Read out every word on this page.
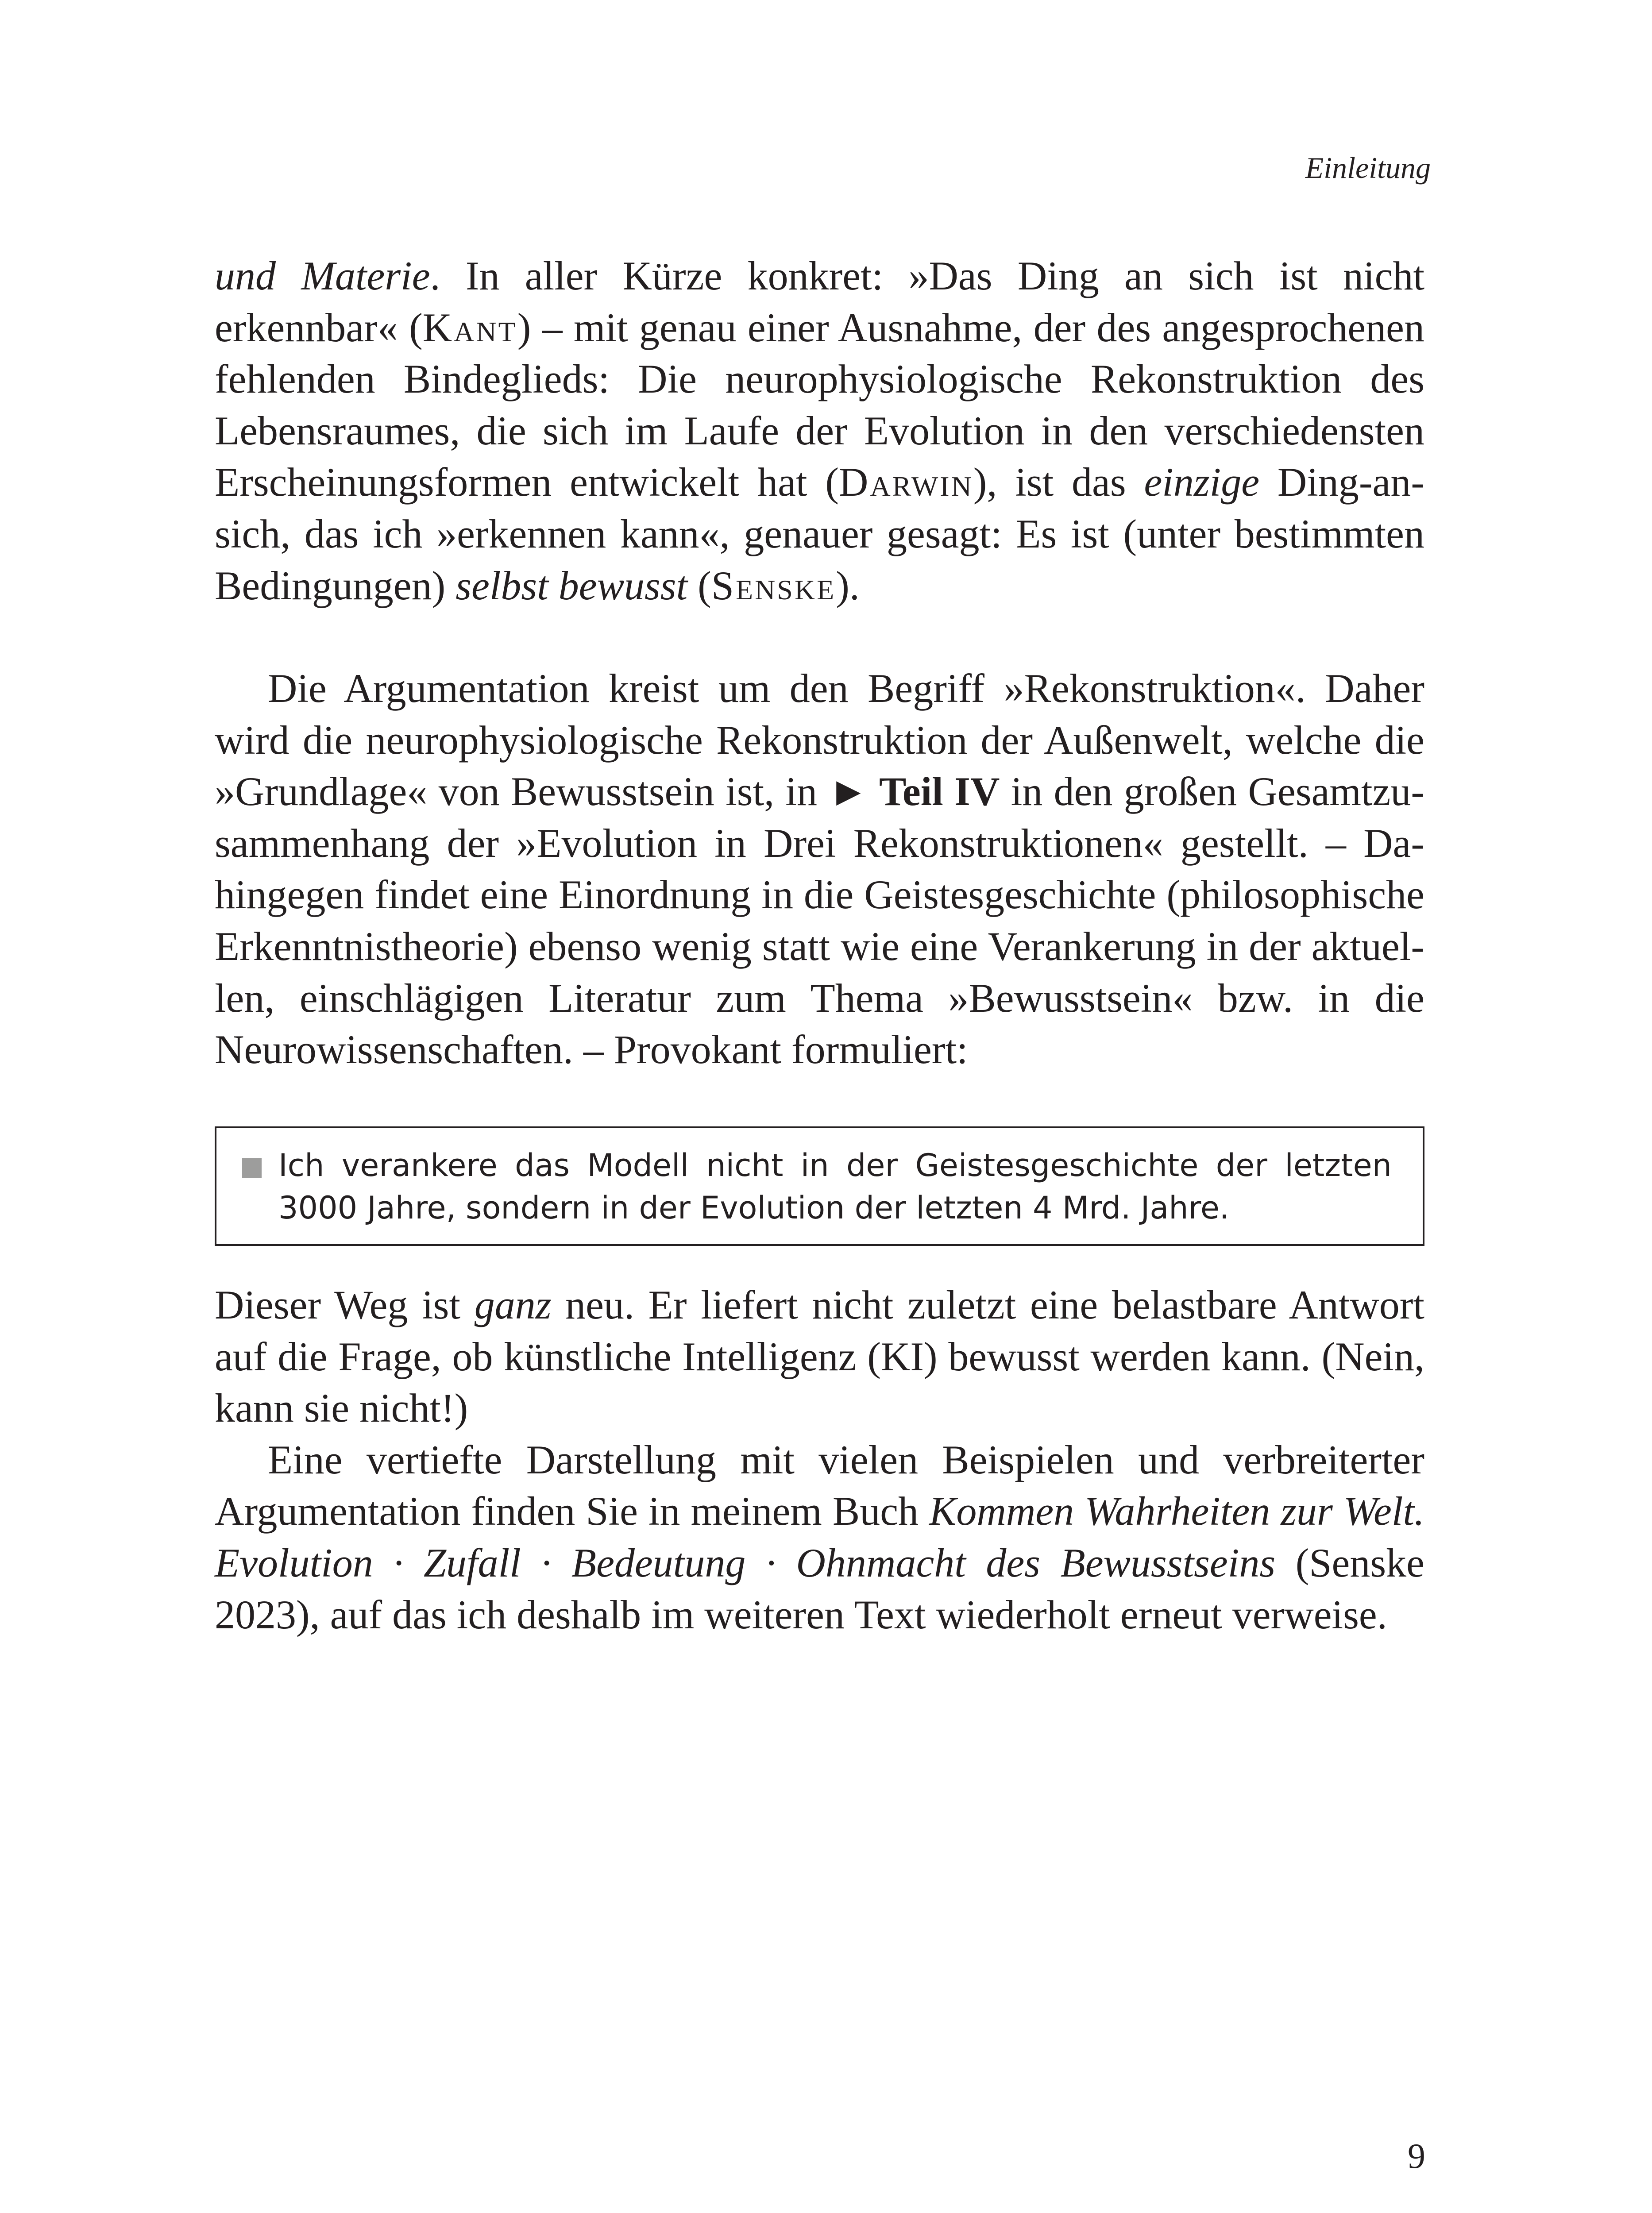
Einleitung

und Materie. In aller Kürze konkret: »Das Ding an sich ist nicht erkennbar« (Kant) – mit genau einer Ausnahme, der des angesprochenen fehlenden Bindeglieds: Die neurophysiologische Rekonstruktion des Lebensraumes, die sich im Laufe der Evolution in den verschiedensten Erscheinungsformen entwickelt hat (Darwin), ist das einzige Ding-an-sich, das ich »erkennen kann«, genauer gesagt: Es ist (unter bestimmten Bedingungen) selbst bewusst (Senske).

Die Argumentation kreist um den Begriff »Rekonstruktion«. Daher wird die neurophysiologische Rekonstruktion der Außenwelt, welche die »Grundlage« von Bewusstsein ist, in ► Teil IV in den großen Gesamtzusammenhang der »Evolution in Drei Rekonstruktionen« gestellt. – Dahingegen findet eine Einordnung in die Geistesgeschichte (philosophische Erkenntnistheorie) ebenso wenig statt wie eine Verankerung in der aktuellen, einschlägigen Literatur zum Thema »Bewusstsein« bzw. in die Neurowissenschaften. – Provokant formuliert:

Ich verankere das Modell nicht in der Geistesgeschichte der letzten 3000 Jahre, sondern in der Evolution der letzten 4 Mrd. Jahre.

Dieser Weg ist ganz neu. Er liefert nicht zuletzt eine belastbare Antwort auf die Frage, ob künstliche Intelligenz (KI) bewusst werden kann. (Nein, kann sie nicht!)

Eine vertiefte Darstellung mit vielen Beispielen und verbreiterter Argumentation finden Sie in meinem Buch Kommen Wahrheiten zur Welt. Evolution · Zufall · Bedeutung · Ohnmacht des Bewusstseins (Senske 2023), auf das ich deshalb im weiteren Text wiederholt erneut verweise.

9
